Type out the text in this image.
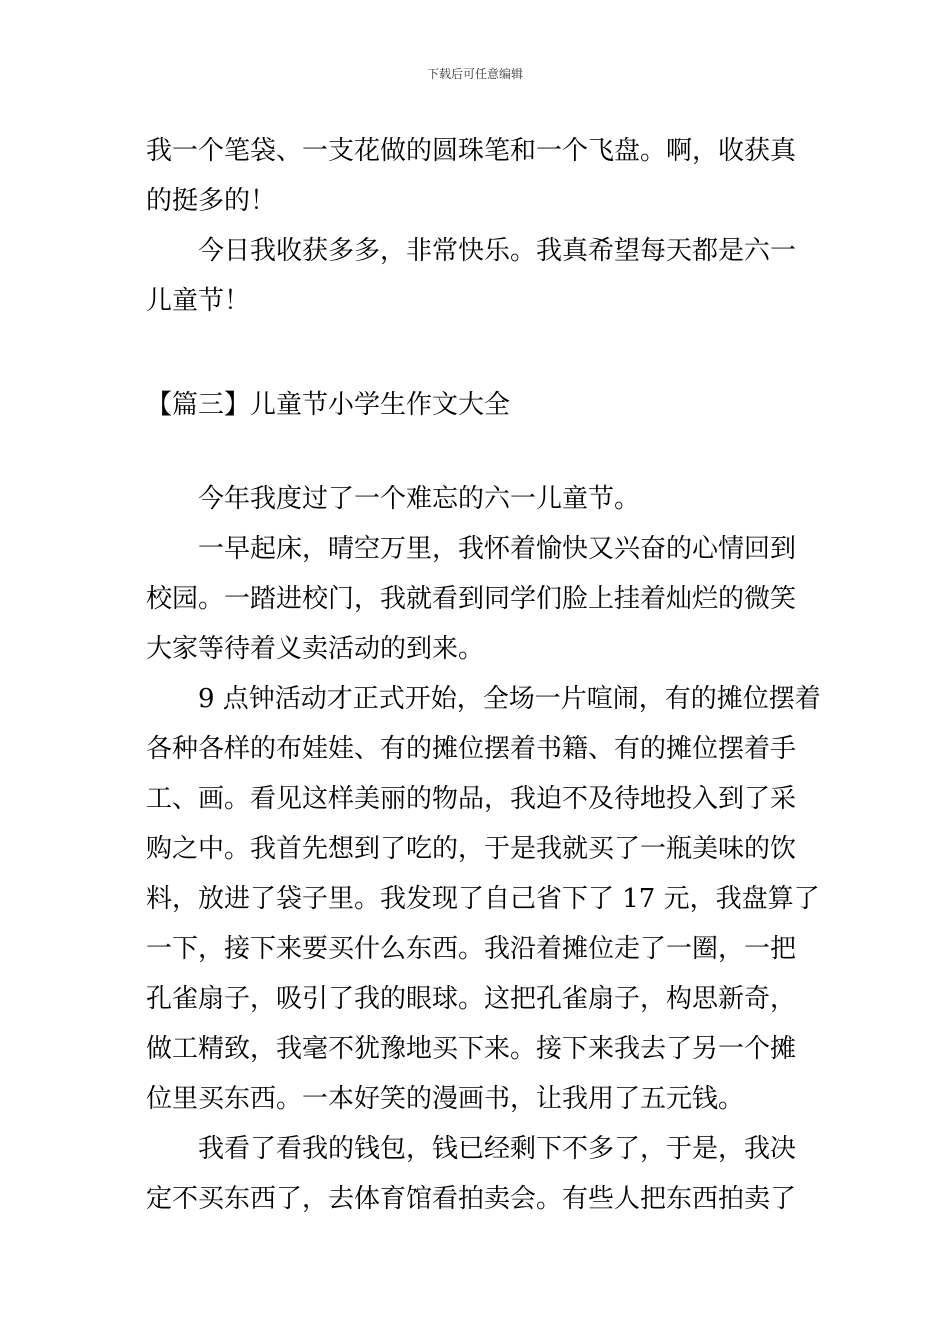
下载后可任意编辑
我一个笔袋、一支花做的圆珠笔和一个飞盘。啊，收获真
的挺多的！
今日我收获多多，非常快乐。我真希望每天都是六一
儿童节！
【篇三】儿童节小学生作文大全
今年我度过了一个难忘的六一儿童节。
一早起床，晴空万里，我怀着愉快又兴奋的心情回到
校园。一踏进校门，我就看到同学们脸上挂着灿烂的微笑
大家等待着义卖活动的到来。
9 点钟活动才正式开始，全场一片喧闹，有的摊位摆着
各种各样的布娃娃、有的摊位摆着书籍、有的摊位摆着手
工、画。看见这样美丽的物品，我迫不及待地投入到了采
购之中。我首先想到了吃的，于是我就买了一瓶美味的饮
料，放进了袋子里。我发现了自己省下了 17 元，我盘算了
一下，接下来要买什么东西。我沿着摊位走了一圈，一把
孔雀扇子，吸引了我的眼球。这把孔雀扇子，构思新奇，
做工精致，我毫不犹豫地买下来。接下来我去了另一个摊
位里买东西。一本好笑的漫画书，让我用了五元钱。
我看了看我的钱包，钱已经剩下不多了，于是，我决
定不买东西了，去体育馆看拍卖会。有些人把东西拍卖了
